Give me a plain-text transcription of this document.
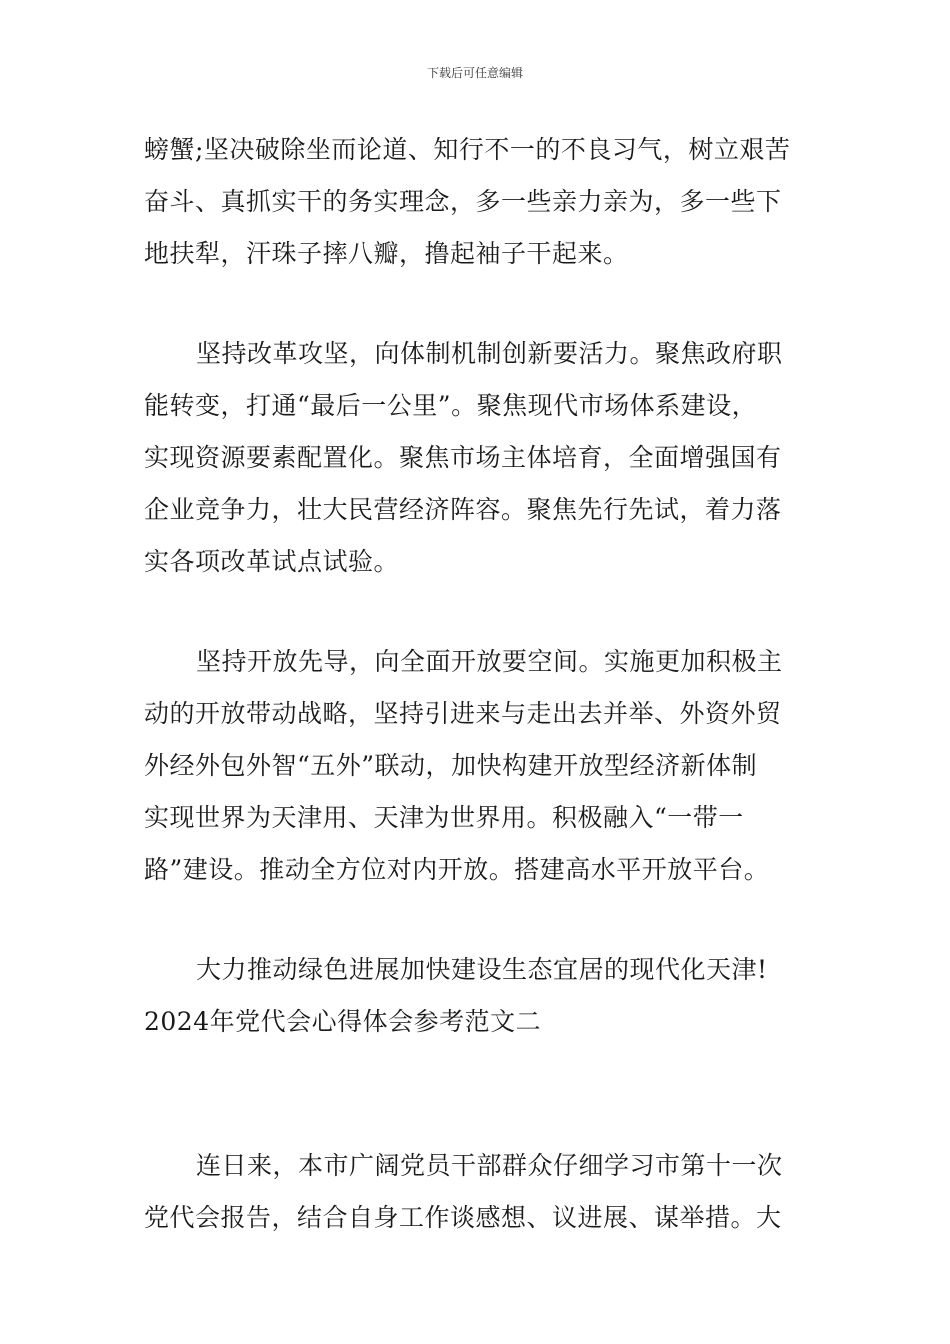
下载后可任意编辑
螃蟹;坚决破除坐而论道、知行不一的不良习气，树立艰苦
奋斗、真抓实干的务实理念，多一些亲力亲为，多一些下
地扶犁，汗珠子摔八瓣，撸起袖子干起来。
坚持改革攻坚，向体制机制创新要活力。聚焦政府职
能转变，打通“最后一公里”。聚焦现代市场体系建设，
实现资源要素配置化。聚焦市场主体培育，全面增强国有
企业竞争力，壮大民营经济阵容。聚焦先行先试，着力落
实各项改革试点试验。
坚持开放先导，向全面开放要空间。实施更加积极主
动的开放带动战略，坚持引进来与走出去并举、外资外贸
外经外包外智“五外”联动，加快构建开放型经济新体制
实现世界为天津用、天津为世界用。积极融入“一带一
路”建设。推动全方位对内开放。搭建高水平开放平台。
大力推动绿色进展加快建设生态宜居的现代化天津!
2024年党代会心得体会参考范文二
连日来，本市广阔党员干部群众仔细学习市第十一次
党代会报告，结合自身工作谈感想、议进展、谋举措。大
